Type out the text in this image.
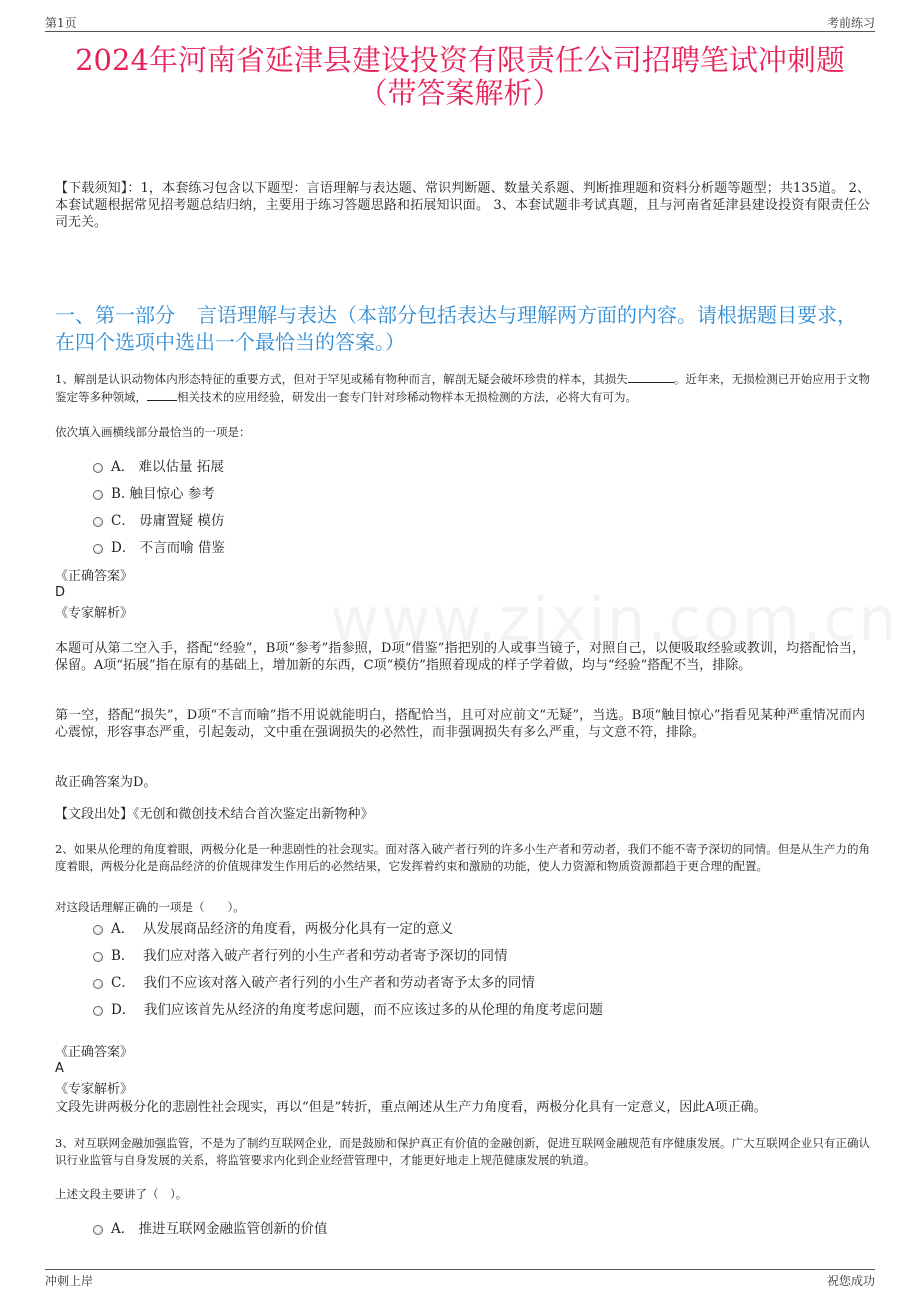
第1页	考前练习
2024年河南省延津县建设投资有限责任公司招聘笔试冲刺题
（带答案解析）
【下载须知】：1，本套练习包含以下题型：言语理解与表达题、常识判断题、数量关系题、判断推理题和资料分析题等题型；共135道。 2、本套试题根据常见招考题总结归纳，主要用于练习答题思路和拓展知识面。 3、本套试题非考试真题，且与河南省延津县建设投资有限责任公司无关。
一、第一部分 言语理解与表达（本部分包括表达与理解两方面的内容。请根据题目要求，在四个选项中选出一个最恰当的答案。）
1、解剖是认识动物体内形态特征的重要方式，但对于罕见或稀有物种而言，解剖无疑会破坏珍贵的样本，其损失	。近年来，无损检测已开始应用于文物鉴定等多种领域，	相关技术的应用经验，研发出一套专门针对珍稀动物样本无损检测的方法，必将大有可为。
依次填入画横线部分最恰当的一项是：
A． 难以估量 拓展
B. 触目惊心 参考
C． 毋庸置疑 模仿
D． 不言而喻 借鉴
《正确答案》
D
《专家解析》
本题可从第二空入手，搭配“经验”，B项“参考”指参照，D项“借鉴”指把别的人或事当镜子，对照自己，以便吸取经验或教训，均搭配恰当，保留。A项“拓展”指在原有的基础上，增加新的东西，C项“模仿”指照着现成的样子学着做，均与“经验”搭配不当，排除。
第一空，搭配“损失”，D项“不言而喻”指不用说就能明白，搭配恰当，且可对应前文“无疑”，当选。B项“触目惊心”指看见某种严重情况而内心震惊，形容事态严重，引起轰动，文中重在强调损失的必然性，而非强调损失有多么严重，与文意不符，排除。
故正确答案为D。
【文段出处】《无创和微创技术结合首次鉴定出新物种》
2、如果从伦理的角度着眼，两极分化是一种悲剧性的社会现实。面对落入破产者行列的许多小生产者和劳动者，我们不能不寄予深切的同情。但是从生产力的角度着眼，两极分化是商品经济的价值规律发生作用后的必然结果，它发挥着约束和激励的功能，使人力资源和物质资源都趋于更合理的配置。
对这段话理解正确的一项是（　　）。
A． 从发展商品经济的角度看，两极分化具有一定的意义
B． 我们应对落入破产者行列的小生产者和劳动者寄予深切的同情
C． 我们不应该对落入破产者行列的小生产者和劳动者寄予太多的同情
D． 我们应该首先从经济的角度考虑问题，而不应该过多的从伦理的角度考虑问题
《正确答案》
A
《专家解析》
文段先讲两极分化的悲剧性社会现实，再以“但是”转折，重点阐述从生产力角度看，两极分化具有一定意义，因此A项正确。
3、对互联网金融加强监管，不是为了制约互联网企业，而是鼓励和保护真正有价值的金融创新，促进互联网金融规范有序健康发展。广大互联网企业只有正确认识行业监管与自身发展的关系，将监管要求内化到企业经营管理中，才能更好地走上规范健康发展的轨道。
上述文段主要讲了（　）。
A． 推进互联网金融监管创新的价值
冲刺上岸	祝您成功
